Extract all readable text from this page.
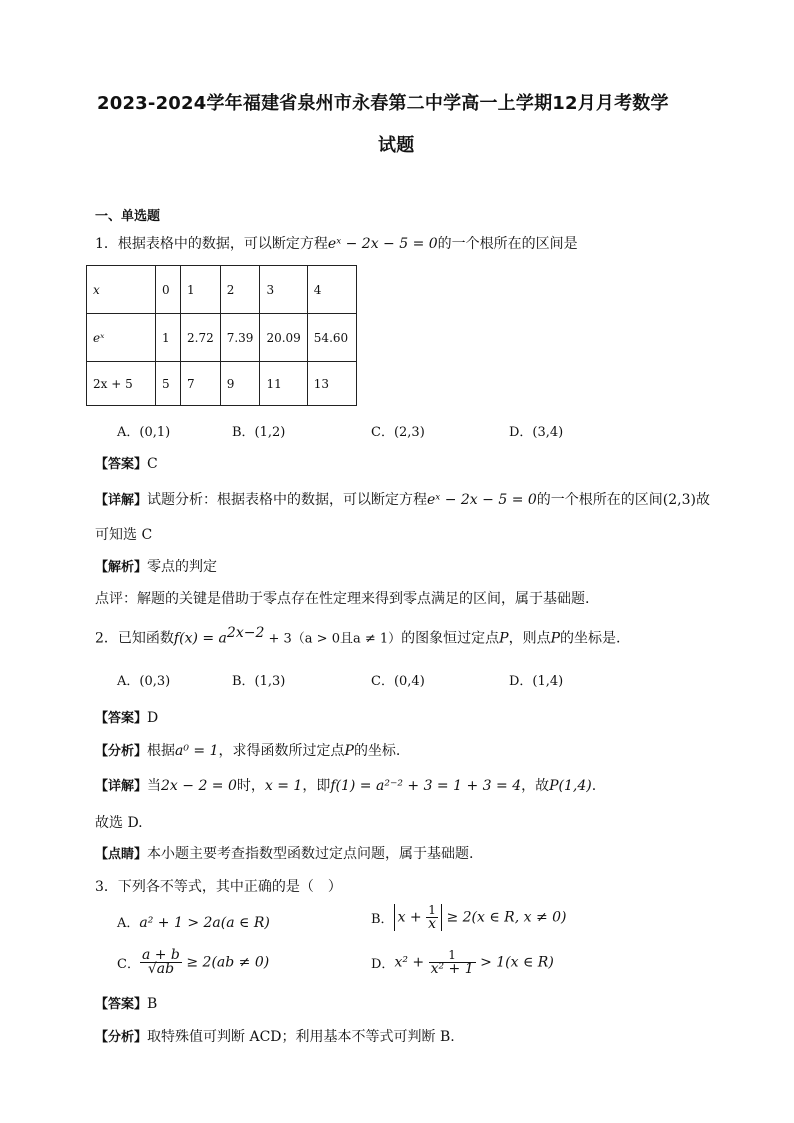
2023-2024学年福建省泉州市永春第二中学高一上学期12月月考数学
试题
一、单选题
1．根据表格中的数据，可以断定方程eˣ − 2x − 5 = 0的一个根所在的区间是
x	0	1	2	3	4
eˣ	1	2.72	7.39	20.09	54.60
2x + 5	5	7	9	11	13
A．(0,1)	B．(1,2)	C．(2,3)	D．(3,4)
【答案】C
【详解】试题分析：根据表格中的数据，可以断定方程eˣ − 2x − 5 = 0的一个根所在的区间(2,3)故
可知选 C
【解析】零点的判定
点评：解题的关键是借助于零点存在性定理来得到零点满足的区间，属于基础题.
2．已知函数$f(x) = a^{2x-2} + 3(a > 0$且a ≠ 1）的图象恒过定点P，则点P的坐标是.
A．(0,3)	B．(1,3)	C．(0,4)	D．(1,4)
【答案】D
【分析】根据a⁰ = 1，求得函数所过定点P的坐标.
【详解】当2x − 2 = 0时，x = 1，即f(1) = a²⁻² + 3 = 1 + 3 = 4，故P(1,4).
故选 D.
【点睛】本小题主要考查指数型函数过定点问题，属于基础题.
3．下列各不等式，其中正确的是（　）
A．a² + 1 > 2a(a ∈ R)	B． $x + \frac{1}{x} \ge 2(x$ ∈ R, x ≠ 0)
C． $\frac{a + b}{√ab} \ge 2(ab \ne 0)$	D．$x^2 + \frac{1}{\text{x² + 1}} > 1(x$ ∈ R)
【答案】B
【分析】取特殊值可判断 ACD；利用基本不等式可判断 B.
